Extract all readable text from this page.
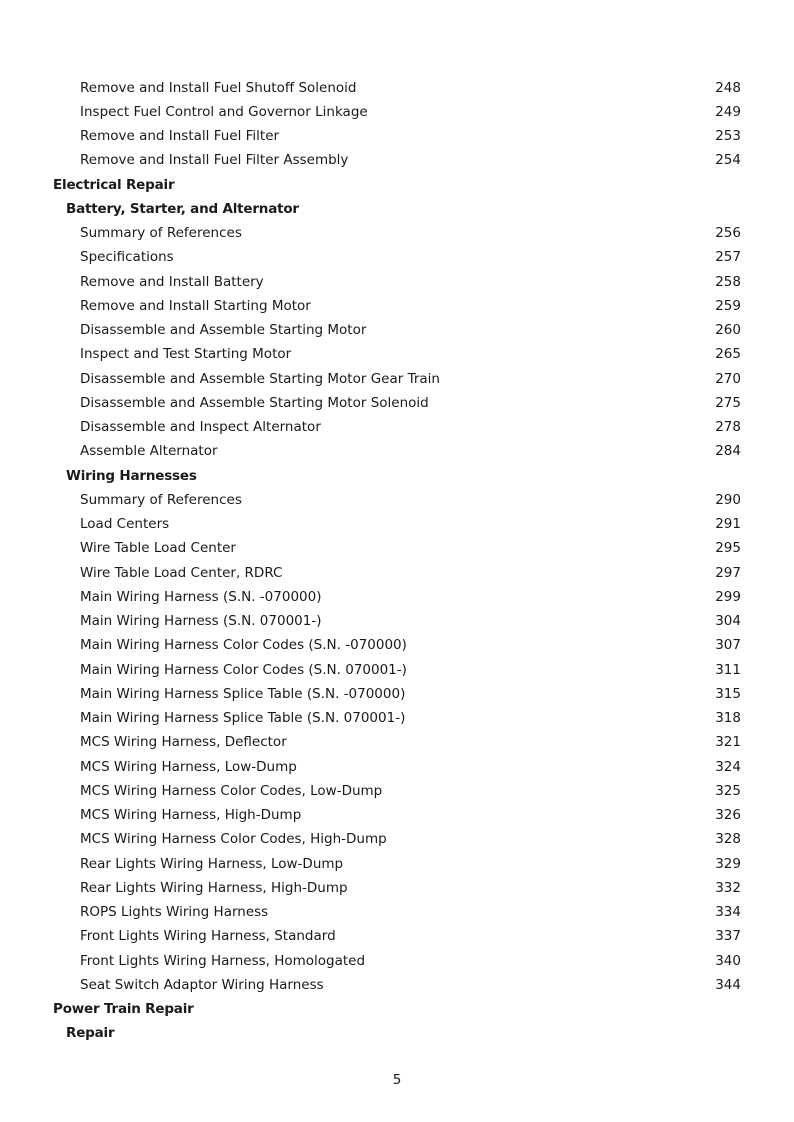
Remove and Install Fuel Shutoff Solenoid	248
Inspect Fuel Control and Governor Linkage	249
Remove and Install Fuel Filter	253
Remove and Install Fuel Filter Assembly	254
Electrical Repair
Battery, Starter, and Alternator
Summary of References	256
Specifications	257
Remove and Install Battery	258
Remove and Install Starting Motor	259
Disassemble and Assemble Starting Motor	260
Inspect and Test Starting Motor	265
Disassemble and Assemble Starting Motor Gear Train	270
Disassemble and Assemble Starting Motor Solenoid	275
Disassemble and Inspect Alternator	278
Assemble Alternator	284
Wiring Harnesses
Summary of References	290
Load Centers	291
Wire Table Load Center	295
Wire Table Load Center, RDRC	297
Main Wiring Harness (S.N. -070000)	299
Main Wiring Harness (S.N. 070001-)	304
Main Wiring Harness Color Codes (S.N. -070000)	307
Main Wiring Harness Color Codes (S.N. 070001-)	311
Main Wiring Harness Splice Table (S.N. -070000)	315
Main Wiring Harness Splice Table (S.N. 070001-)	318
MCS Wiring Harness, Deflector	321
MCS Wiring Harness, Low-Dump	324
MCS Wiring Harness Color Codes, Low-Dump	325
MCS Wiring Harness, High-Dump	326
MCS Wiring Harness Color Codes, High-Dump	328
Rear Lights Wiring Harness, Low-Dump	329
Rear Lights Wiring Harness, High-Dump	332
ROPS Lights Wiring Harness	334
Front Lights Wiring Harness, Standard	337
Front Lights Wiring Harness, Homologated	340
Seat Switch Adaptor Wiring Harness	344
Power Train Repair
Repair
5
